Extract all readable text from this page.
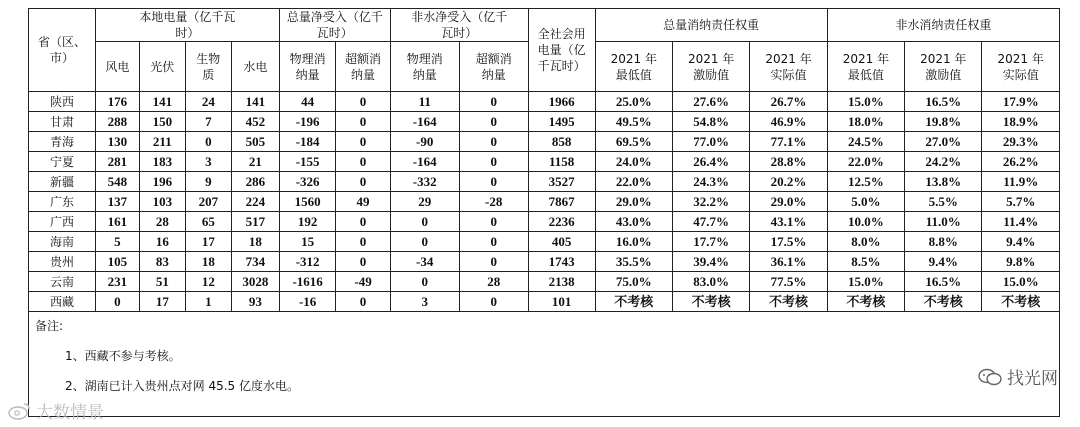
省（区、市）	本地电量（亿千瓦时）				总量净受入（亿千瓦时）		非水净受入（亿千瓦时）		全社会用电量（亿千瓦时）	总量消纳责任权重			非水消纳责任权重		
	风电	光伏	生物质	水电	物理消纳量	超额消纳量	物理消纳量	超额消纳量		2021 年最低值	2021 年激励值	2021 年实际值	2021 年最低值	2021 年激励值	2021 年实际值
陕西	176	141	24	141	44	0	11	0	1966	25.0%	27.6%	26.7%	15.0%	16.5%	17.9%
甘肃	288	150	7	452	-196	0	-164	0	1495	49.5%	54.8%	46.9%	18.0%	19.8%	18.9%
青海	130	211	0	505	-184	0	-90	0	858	69.5%	77.0%	77.1%	24.5%	27.0%	29.3%
宁夏	281	183	3	21	-155	0	-164	0	1158	24.0%	26.4%	28.8%	22.0%	24.2%	26.2%
新疆	548	196	9	286	-326	0	-332	0	3527	22.0%	24.3%	20.2%	12.5%	13.8%	11.9%
广东	137	103	207	224	1560	49	29	-28	7867	29.0%	32.2%	29.0%	5.0%	5.5%	5.7%
广西	161	28	65	517	192	0	0	0	2236	43.0%	47.7%	43.1%	10.0%	11.0%	11.4%
海南	5	16	17	18	15	0	0	0	405	16.0%	17.7%	17.5%	8.0%	8.8%	9.4%
贵州	105	83	18	734	-312	0	-34	0	1743	35.5%	39.4%	36.1%	8.5%	9.4%	9.8%
云南	231	51	12	3028	-1616	-49	0	28	2138	75.0%	83.0%	77.5%	15.0%	16.5%	15.0%
西藏	0	17	1	93	-16	0	3	0	101	不考核	不考核	不考核	不考核	不考核	不考核

备注:
1、西藏不参与考核。
2、湖南已计入贵州点对网 45.5 亿度水电。																找光网
大数情景
